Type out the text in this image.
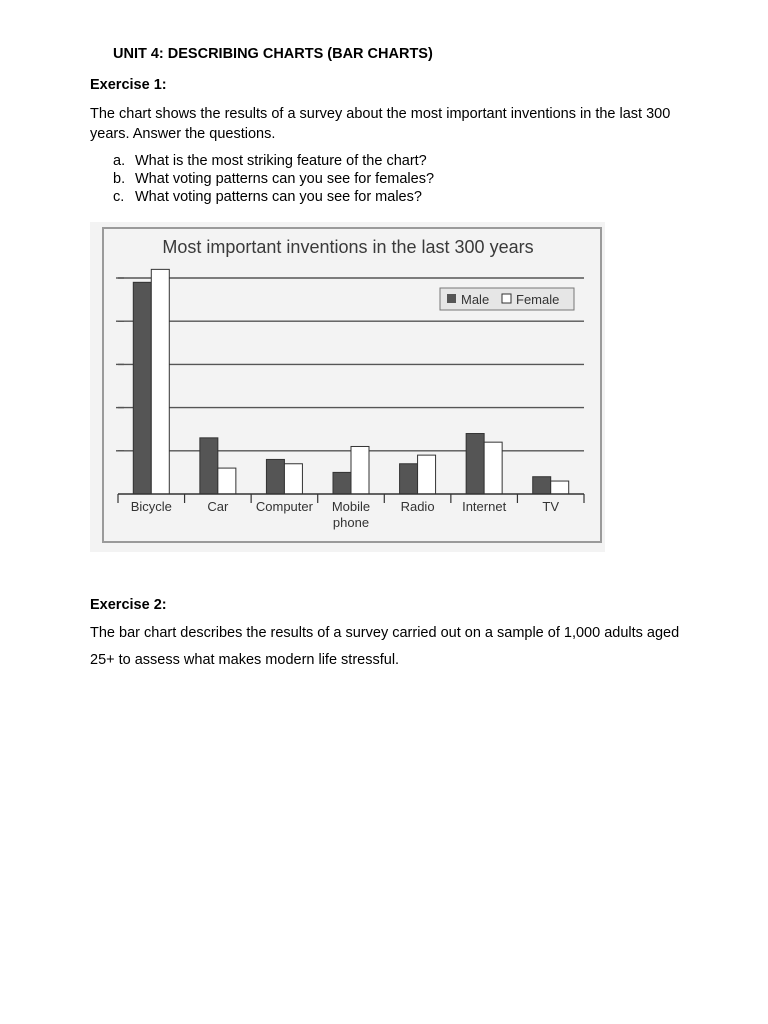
UNIT 4: DESCRIBING CHARTS (BAR CHARTS)
Exercise 1:
The chart shows the results of a survey about the most important inventions in the last 300 years. Answer the questions.
a. What is the most striking feature of the chart?
b. What voting patterns can you see for females?
c. What voting patterns can you see for males?
Most important inventions in the last 300 years
Bicycle	Car Computer Mobile phone
Radio Internet	TV
Male Female
Exercise 2:
The bar chart describes the results of a survey carried out on a sample of 1,000 adults aged 25+ to assess what makes modern life stressful.
